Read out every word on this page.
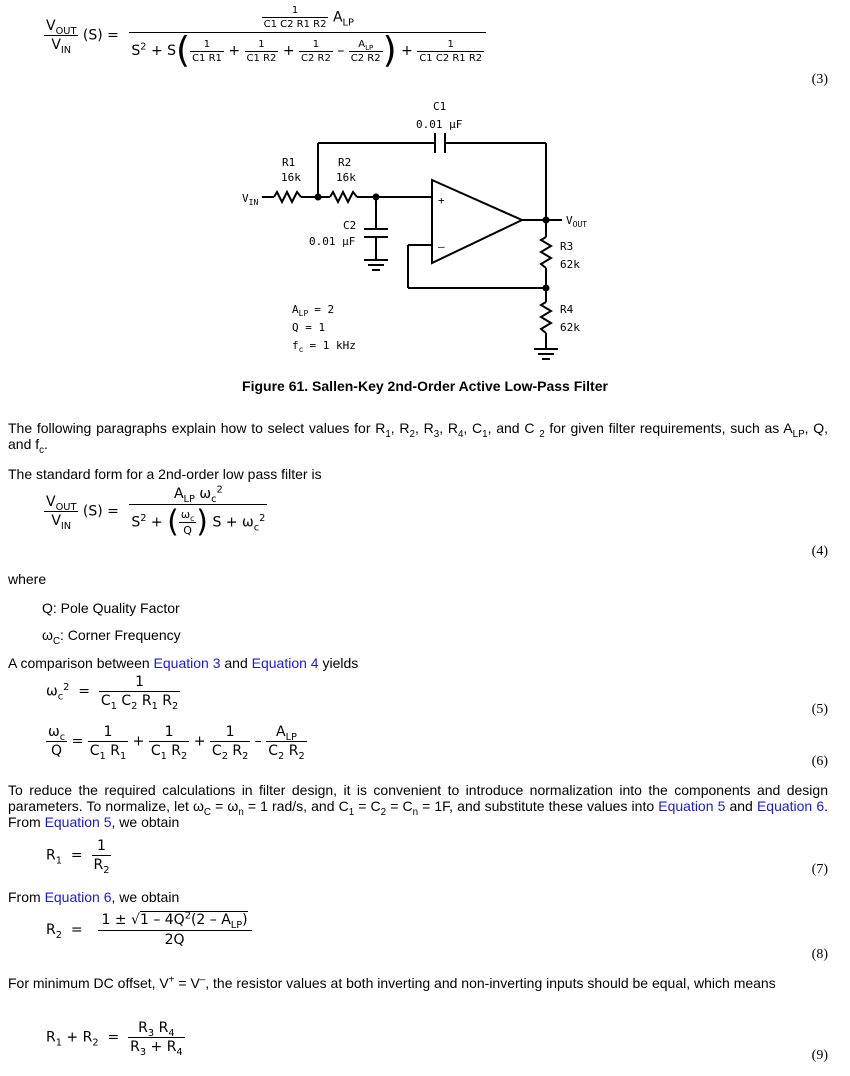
$\frac{V_{OUT}}{V_{IN}} (S)$ =
$\frac{1}{C1 C2 R1 R2} A_{LP}$
$S^2 + S( \frac{1}{C1 R1} + \frac{1}{C1 R2} + \frac{1}{C2 R2} - \frac{A_{LP}}{C2 R2}$ ) + $\frac{1}{C1 C2 R1 R2}$
(3)
C1
0.01 µF
R1
16k
R2
16k
$V_{IN}$
C2
0.01 µF
$V_{OUT}$
R3
62k
R4
62k
+
–
$A_{LP} = 2$
Q = 1
$f_c = 1$ kHz
Figure 61. Sallen-Key 2nd-Order Active Low-Pass Filter
The following paragraphs explain how to select values for $R_1$, $R_2$, $R_3$, $R_4$, $C_1$, and C $_2$ for given filter requirements, such as $A_{LP}$, Q, and $f_c$.
The standard form for a 2nd-order low pass filter is
$\frac{V_{OUT}}{V_{IN}} (S) = \frac{A_{LP} \omega_c^2}{S^2 + ( \frac{\omega_c}{Q} ) S + \omega_c^2}$
(4)
where
Q: Pole Quality Factor
$\omega_C$: Corner Frequency
A comparison between Equation 3 and Equation 4 yields
$\omega_c^2 = \frac{1}{C_1 C_2 R_1 R_2}$
(5)
$\frac{\omega_c}{Q} = \frac{1}{C_1 R_1} + \frac{1}{C_1 R_2} + \frac{1}{C_2 R_2} - \frac{A_{LP}}{C_2 R_2}$
(6)
To reduce the required calculations in filter design, it is convenient to introduce normalization into the components and design parameters. To normalize, let $\omega_C = \omega_n = 1$ rad/s, and $C_1 = C_2 = C_n = 1F$, and substitute these values into Equation 5 and Equation 6. From Equation 5, we obtain
$R_1 = \frac{1}{R_2}$	(7)
From Equation 6, we obtain
$R_2 = \frac{1 \pm √1 - 4Q^2(2 - A_{LP})}{2Q}$
(8)
For minimum DC offset, V+ = V–, the resistor values at both inverting and non-inverting inputs should be equal, which means
$R_1 + R_2 = \frac{R_3 R_4}{R_3 + R_4}$
(9)
